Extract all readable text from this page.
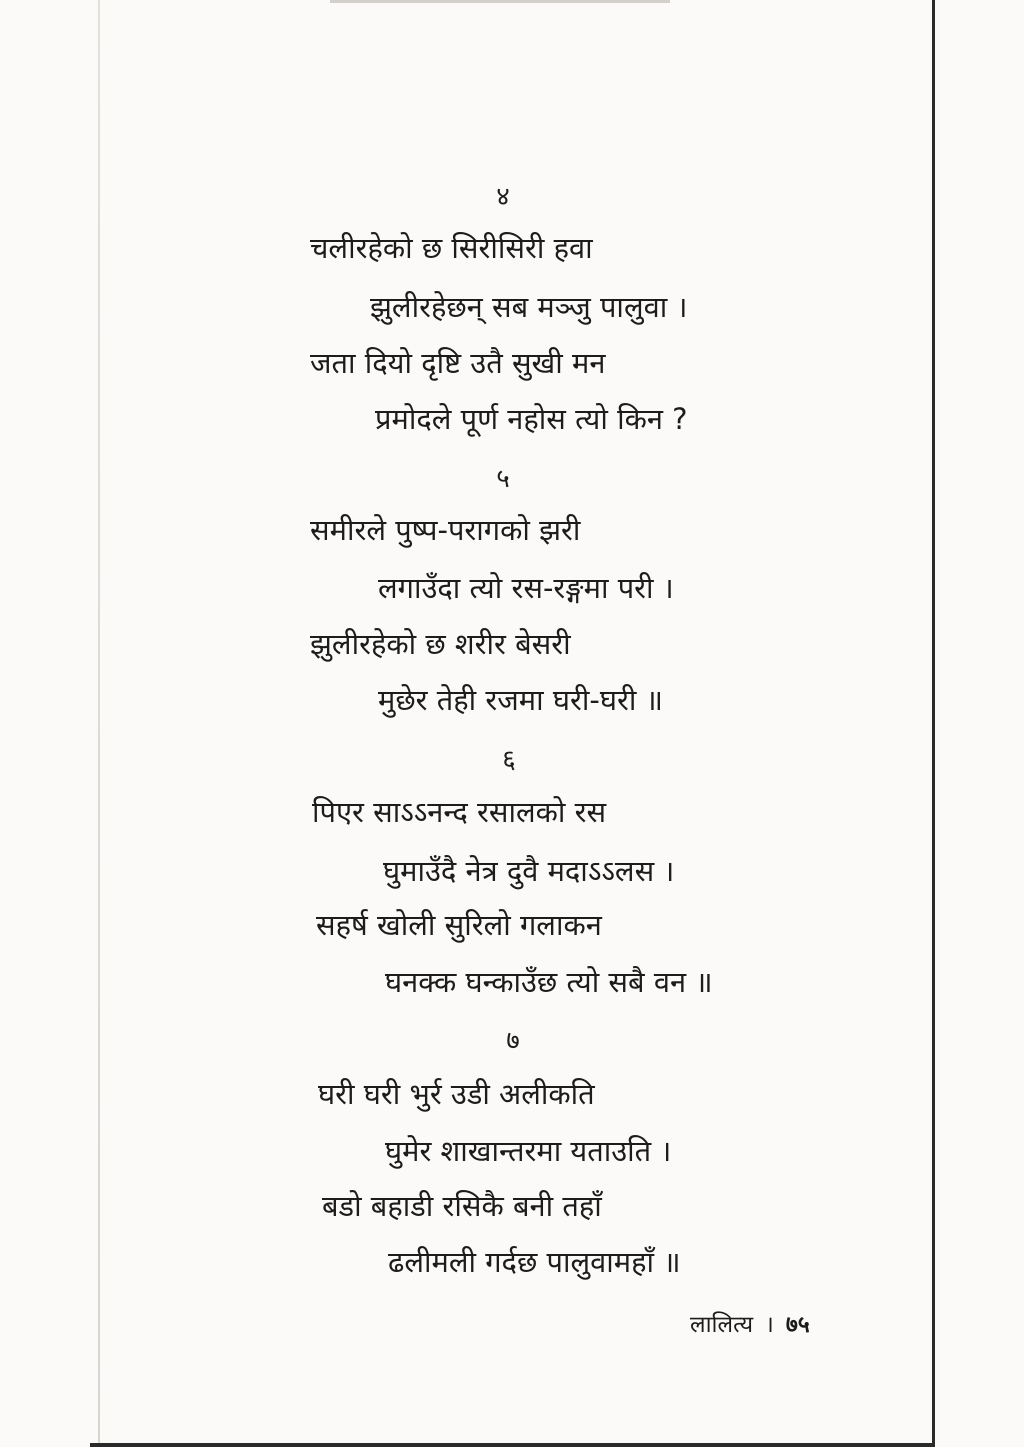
४
चलीरहेको छ सिरीसिरी हवा
झुलीरहेछन् सब मञ्जु पालुवा ।
जता दियो दृष्टि उतै सुखी मन
प्रमोदले पूर्ण नहोस त्यो किन ?
५
समीरले पुष्प-परागको झरी
लगाउँदा त्यो रस-रङ्गमा परी ।
झुलीरहेको छ शरीर बेसरी
मुछेर तेही रजमा घरी-घरी ॥
६
पिएर साऽऽनन्द रसालको रस
घुमाउँदै नेत्र दुवै मदाऽऽलस ।
सहर्ष खोली सुरिलो गलाकन
घनक्क घन्काउँछ त्यो सबै वन ॥
७
घरी घरी भुर्र उडी अलीकति
घुमेर शाखान्तरमा यताउति ।
बडो बहाडी रसिकै बनी तहाँ
ढलीमली गर्दछ पालुवामहाँ ॥
लालित्य । ७५
